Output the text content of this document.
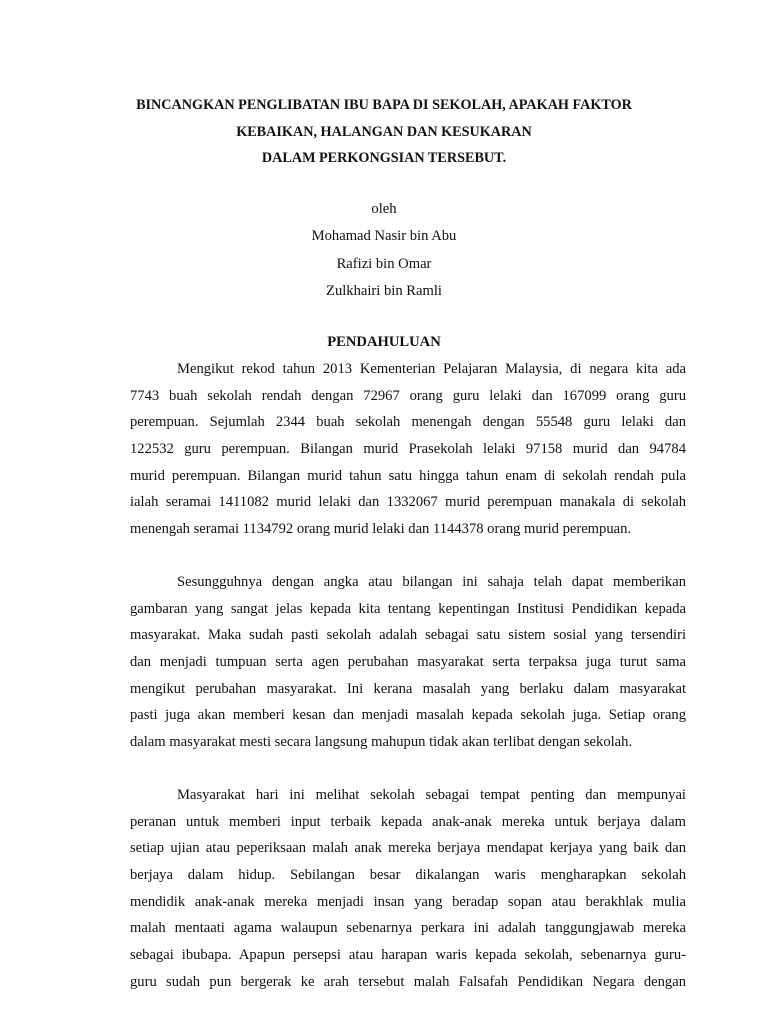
BINCANGKAN PENGLIBATAN IBU BAPA DI SEKOLAH, APAKAH FAKTOR
KEBAIKAN, HALANGAN DAN KESUKARAN
DALAM PERKONGSIAN TERSEBUT.
oleh
Mohamad Nasir bin Abu
Rafizi bin Omar
Zulkhairi bin Ramli
PENDAHULUAN
Mengikut rekod tahun 2013 Kementerian Pelajaran Malaysia, di negara kita ada
7743 buah sekolah rendah dengan 72967 orang guru lelaki dan 167099 orang guru
perempuan. Sejumlah 2344 buah sekolah menengah dengan 55548 guru lelaki dan
122532 guru perempuan. Bilangan murid Prasekolah lelaki 97158 murid dan 94784
murid perempuan. Bilangan murid tahun satu hingga tahun enam di sekolah rendah pula
ialah seramai 1411082 murid lelaki dan 1332067 murid perempuan manakala di sekolah
menengah seramai 1134792 orang murid lelaki dan 1144378 orang murid perempuan.
Sesungguhnya dengan angka atau bilangan ini sahaja telah dapat memberikan
gambaran yang sangat jelas kepada kita tentang kepentingan Institusi Pendidikan kepada
masyarakat. Maka sudah pasti sekolah adalah sebagai satu sistem sosial yang tersendiri
dan menjadi tumpuan serta agen perubahan masyarakat serta terpaksa juga turut sama
mengikut perubahan masyarakat. Ini kerana masalah yang berlaku dalam masyarakat
pasti juga akan memberi kesan dan menjadi masalah kepada sekolah juga. Setiap orang
dalam masyarakat mesti secara langsung mahupun tidak akan terlibat dengan sekolah.
Masyarakat hari ini melihat sekolah sebagai tempat penting dan mempunyai
peranan untuk memberi input terbaik kepada anak-anak mereka untuk berjaya dalam
setiap ujian atau peperiksaan malah anak mereka berjaya mendapat kerjaya yang baik dan
berjaya dalam hidup. Sebilangan besar dikalangan waris mengharapkan sekolah
mendidik anak-anak mereka menjadi insan yang beradap sopan atau berakhlak mulia
malah mentaati agama walaupun sebenarnya perkara ini adalah tanggungjawab mereka
sebagai ibubapa. Apapun persepsi atau harapan waris kepada sekolah, sebenarnya guru-
guru sudah pun bergerak ke arah tersebut malah Falsafah Pendidikan Negara dengan
